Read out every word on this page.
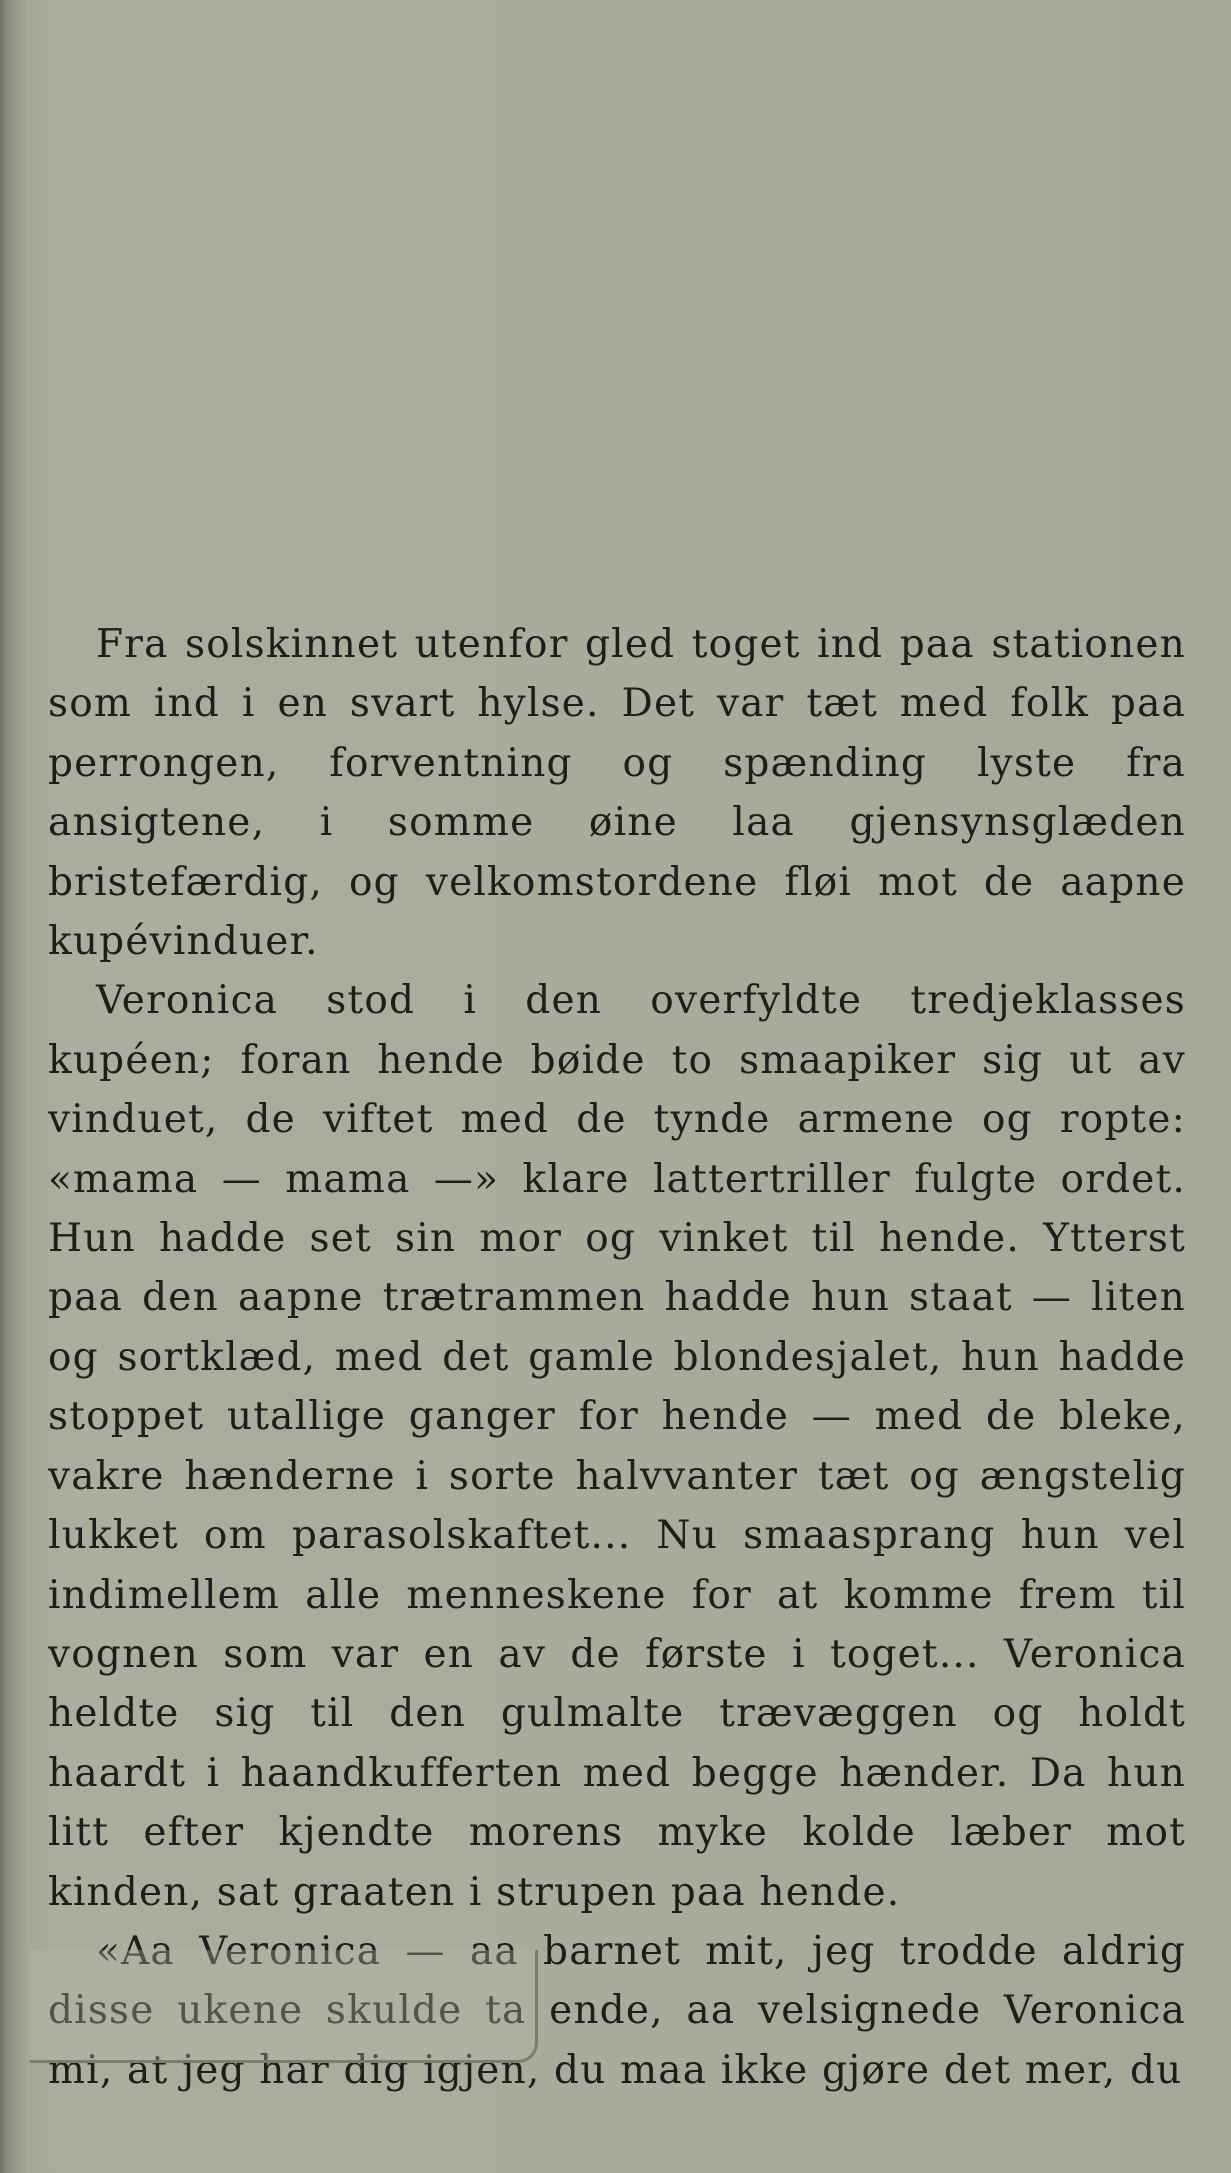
Fra solskinnet utenfor gled toget ind paa stationen som ind i en svart hylse. Det var tæt med folk paa perrongen, forventning og spænding lyste fra ansigtene, i somme øine laa gjensynsglæden bristefærdig, og velkomstordene fløi mot de aapne kupévinduer.

Veronica stod i den overfyldte tredjeklasses kupéen; foran hende bøide to smaapiker sig ut av vinduet, de viftet med de tynde armene og ropte: «mama — mama —» klare lattertriller fulgte ordet. Hun hadde set sin mor og vinket til hende. Ytterst paa den aapne trætrammen hadde hun staat — liten og sortklæd, med det gamle blondesjalet, hun hadde stoppet utallige ganger for hende — med de bleke, vakre hænderne i sorte halvvanter tæt og ængstelig lukket om parasolskaftet... Nu smaasprang hun vel indimellem alle menneskene for at komme frem til vognen som var en av de første i toget... Veronica heldte sig til den gulmalte trævæggen og holdt haardt i haandkufferten med begge hænder. Da hun litt efter kjendte morens myke kolde læber mot kinden, sat graaten i strupen paa hende.

«Aa Veronica — aa barnet mit, jeg trodde aldrig disse ukene skulde ta ende, aa velsignede Veronica mi, at jeg har dig igjen, du maa ikke gjøre det mer, du
